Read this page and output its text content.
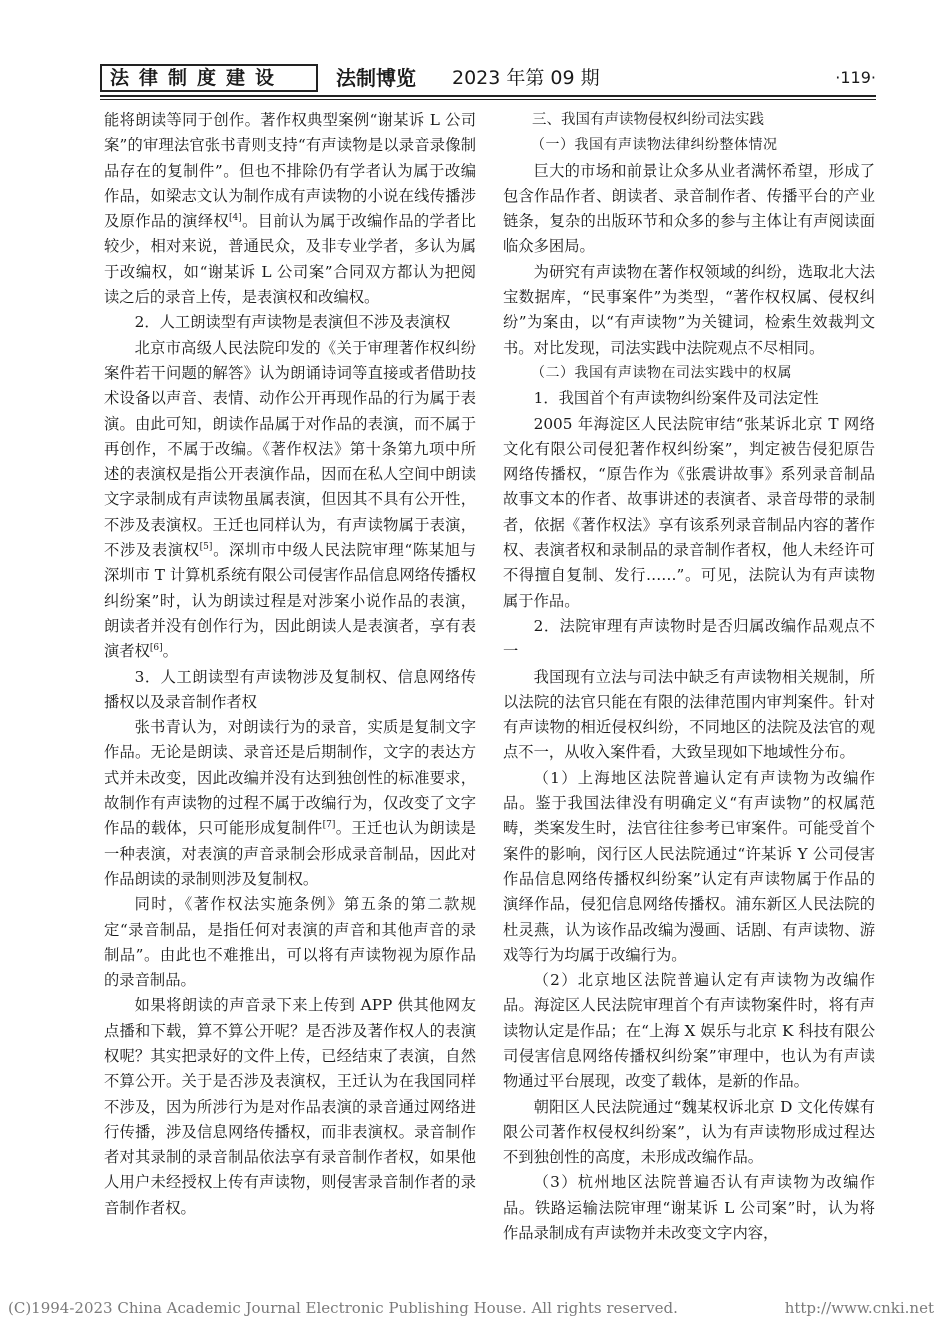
法律制度建设	法制博览 2023 年第 09 期	·119·

能将朗读等同于创作。著作权典型案例“谢某诉 L 公司案”的审理法官张书青则支持“有声读物是以录音录像制品存在的复制件”。但也不排除仍有学者认为属于改编作品，如梁志文认为制作成有声读物的小说在线传播涉及原作品的演绎权[4]。目前认为属于改编作品的学者比较少，相对来说，普通民众，及非专业学者，多认为属于改编权，如“谢某诉 L 公司案”合同双方都认为把阅读之后的录音上传，是表演权和改编权。

2．人工朗读型有声读物是表演但不涉及表演权

北京市高级人民法院印发的《关于审理著作权纠纷案件若干问题的解答》认为朗诵诗词等直接或者借助技术设备以声音、表情、动作公开再现作品的行为属于表演。由此可知，朗读作品属于对作品的表演，而不属于再创作，不属于改编。《著作权法》第十条第九项中所述的表演权是指公开表演作品，因而在私人空间中朗读文字录制成有声读物虽属表演，但因其不具有公开性，不涉及表演权。王迁也同样认为，有声读物属于表演，不涉及表演权[5]。深圳市中级人民法院审理“陈某旭与深圳市 T 计算机系统有限公司侵害作品信息网络传播权纠纷案”时，认为朗读过程是对涉案小说作品的表演，朗读者并没有创作行为，因此朗读人是表演者，享有表演者权[6]。

3．人工朗读型有声读物涉及复制权、信息网络传播权以及录音制作者权

张书青认为，对朗读行为的录音，实质是复制文字作品。无论是朗读、录音还是后期制作，文字的表达方式并未改变，因此改编并没有达到独创性的标准要求，故制作有声读物的过程不属于改编行为，仅改变了文字作品的载体，只可能形成复制件[7]。王迁也认为朗读是一种表演，对表演的声音录制会形成录音制品，因此对作品朗读的录制则涉及复制权。

同时，《著作权法实施条例》第五条的第二款规定“录音制品，是指任何对表演的声音和其他声音的录制品”。由此也不难推出，可以将有声读物视为原作品的录音制品。

如果将朗读的声音录下来上传到 APP 供其他网友点播和下载，算不算公开呢？是否涉及著作权人的表演权呢？其实把录好的文件上传，已经结束了表演，自然不算公开。关于是否涉及表演权，王迁认为在我国同样不涉及，因为所涉行为是对作品表演的录音通过网络进行传播，涉及信息网络传播权，而非表演权。录音制作者对其录制的录音制品依法享有录音制作者权，如果他人用户未经授权上传有声读物，则侵害录音制作者的录音制作者权。

三、我国有声读物侵权纠纷司法实践

（一）我国有声读物法律纠纷整体情况

巨大的市场和前景让众多从业者满怀希望，形成了包含作品作者、朗读者、录音制作者、传播平台的产业链条，复杂的出版环节和众多的参与主体让有声阅读面临众多困局。

为研究有声读物在著作权领域的纠纷，选取北大法宝数据库，“民事案件”为类型，“著作权权属、侵权纠纷”为案由，以“有声读物”为关键词，检索生效裁判文书。对比发现，司法实践中法院观点不尽相同。

（二）我国有声读物在司法实践中的权属

1．我国首个有声读物纠纷案件及司法定性

2005 年海淀区人民法院审结“张某诉北京 T 网络文化有限公司侵犯著作权纠纷案”，判定被告侵犯原告网络传播权，“原告作为《张震讲故事》系列录音制品故事文本的作者、故事讲述的表演者、录音母带的录制者，依据《著作权法》享有该系列录音制品内容的著作权、表演者权和录制品的录音制作者权，他人未经许可不得擅自复制、发行……”。可见，法院认为有声读物属于作品。

2．法院审理有声读物时是否归属改编作品观点不一

我国现有立法与司法中缺乏有声读物相关规制，所以法院的法官只能在有限的法律范围内审判案件。针对有声读物的相近侵权纠纷，不同地区的法院及法官的观点不一，从收入案件看，大致呈现如下地域性分布。

（1）上海地区法院普遍认定有声读物为改编作品。鉴于我国法律没有明确定义“有声读物”的权属范畴，类案发生时，法官往往参考已审案件。可能受首个案件的影响，闵行区人民法院通过“许某诉 Y 公司侵害作品信息网络传播权纠纷案”认定有声读物属于作品的演绎作品，侵犯信息网络传播权。浦东新区人民法院的杜灵燕，认为该作品改编为漫画、话剧、有声读物、游戏等行为均属于改编行为。

（2）北京地区法院普遍认定有声读物为改编作品。海淀区人民法院审理首个有声读物案件时，将有声读物认定是作品；在“上海 X 娱乐与北京 K 科技有限公司侵害信息网络传播权纠纷案”审理中，也认为有声读物通过平台展现，改变了载体，是新的作品。

朝阳区人民法院通过“魏某权诉北京 D 文化传媒有限公司著作权侵权纠纷案”，认为有声读物形成过程达不到独创性的高度，未形成改编作品。

（3）杭州地区法院普遍否认有声读物为改编作品。铁路运输法院审理“谢某诉 L 公司案”时，认为将作品录制成有声读物并未改变文字内容，

(C)1994-2023 China Academic Journal Electronic Publishing House. All rights reserved.	http://www.cnki.net
